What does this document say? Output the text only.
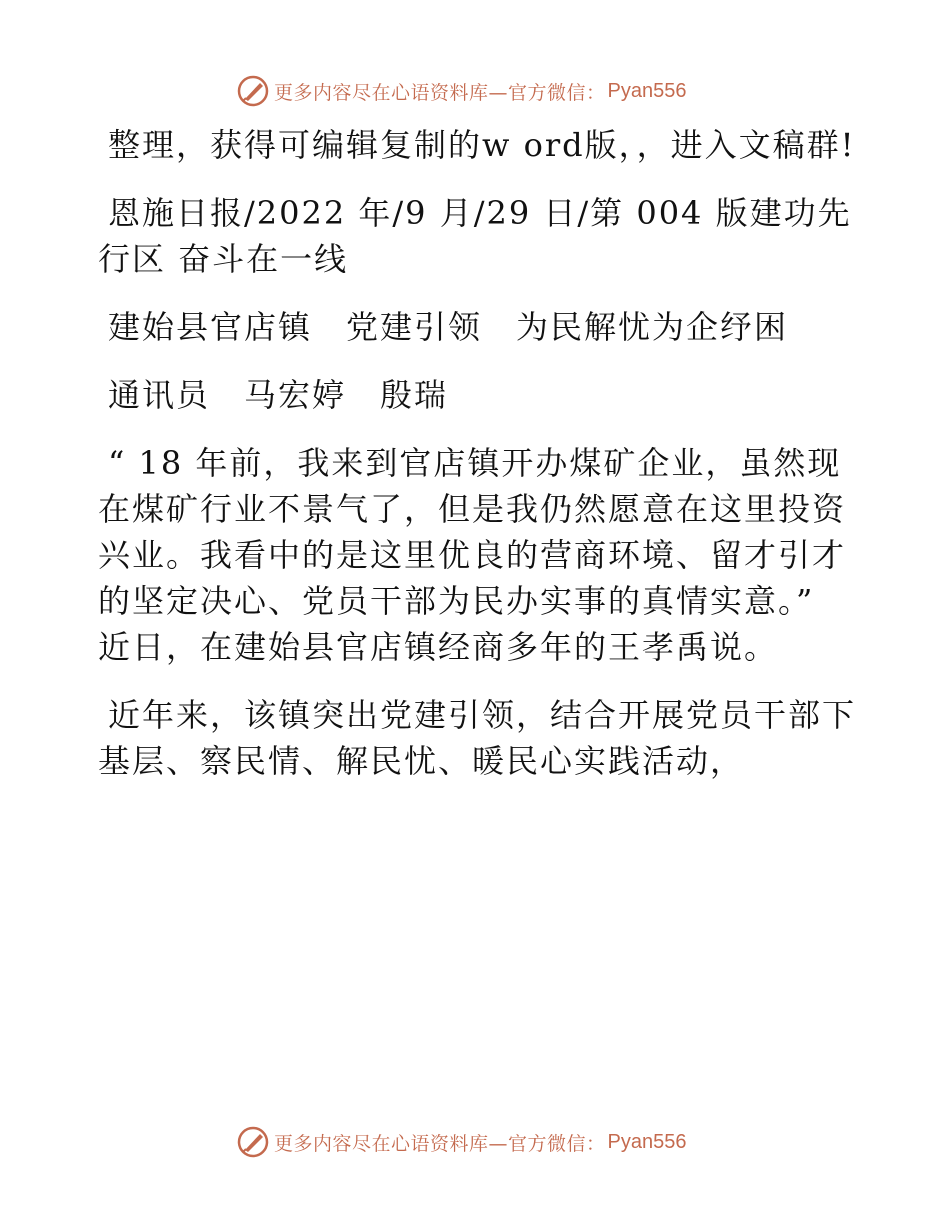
更多内容尽在心语资料库—官方微信： Pyan556

整理，获得可编辑复制的w ord版，，进入文稿群!

恩施日报/2022 年/9 月/29 日/第 004 版建功先行区 奋斗在一线

建始县官店镇　党建引领　为民解忧为企纾困

通讯员　马宏婷　殷瑞

“ 18 年前，我来到官店镇开办煤矿企业，虽然现在煤矿行业不景气了，但是我仍然愿意在这里投资兴业。我看中的是这里优良的营商环境、留才引才的坚定决心、党员干部为民办实事的真情实意。” 近日，在建始县官店镇经商多年的王孝禹说。

近年来，该镇突出党建引领，结合开展党员干部下基层、察民情、解民忧、暖民心实践活动，

更多内容尽在心语资料库—官方微信： Pyan556
